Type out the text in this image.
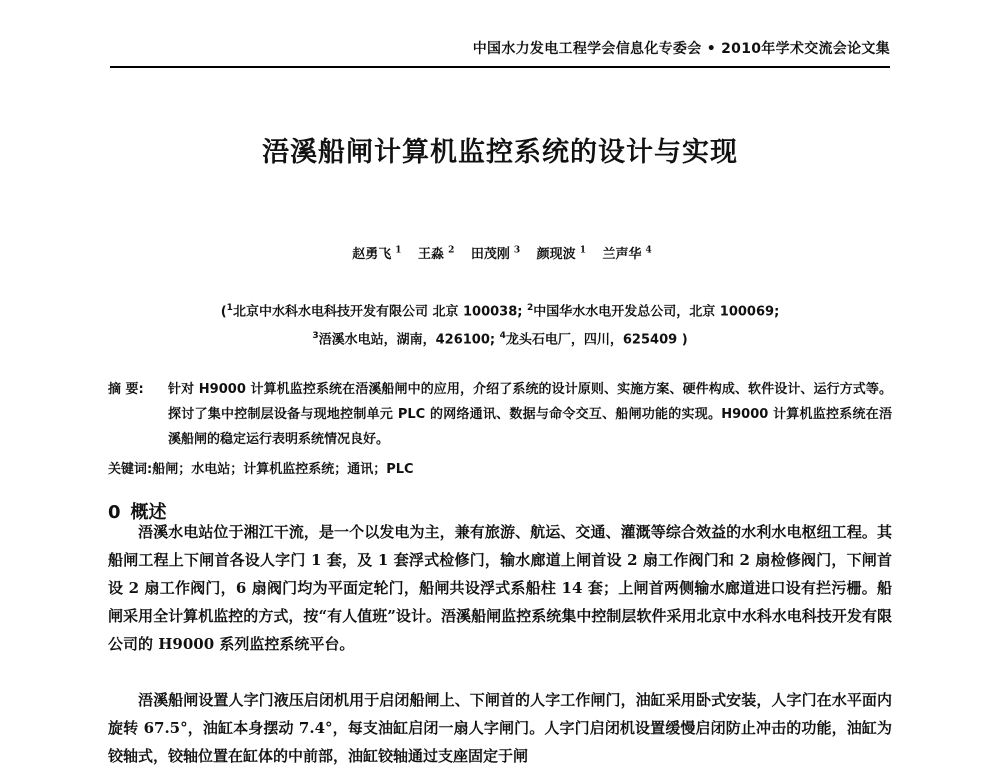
中国水力发电工程学会信息化专委会 • 2010年学术交流会论文集
浯溪船闸计算机监控系统的设计与实现
赵勇飞 $^1$ 王淼 $^2$ 田茂刚 $^3$ 颜现波 $^1$ 兰声华 $^4$
($^1$北京中水科水电科技开发有限公司 北京 100038; $^2$中国华水水电开发总公司，北京 100069;
$^3$浯溪水电站，湖南，426100; $^4$龙头石电厂，四川，625409 )
摘 要:	针对 H9000 计算机监控系统在浯溪船闸中的应用，介绍了系统的设计原则、实施方案、硬件构成、软件设计、运行方式等。探讨了集中控制层设备与现地控制单元 PLC 的网络通讯、数据与命令交互、船闸功能的实现。H9000 计算机监控系统在浯溪船闸的稳定运行表明系统情况良好。
关键词:船闸；水电站；计算机监控系统；通讯；PLC
0 概述
浯溪水电站位于湘江干流，是一个以发电为主，兼有旅游、航运、交通、灌溉等综合效益的水利水电枢纽工程。其船闸工程上下闸首各设人字门 1 套，及 1 套浮式检修门，输水廊道上闸首设 2 扇工作阀门和 2 扇检修阀门，下闸首设 2 扇工作阀门，6 扇阀门均为平面定轮门，船闸共设浮式系船柱 14 套；上闸首两侧输水廊道进口设有拦污栅。船闸采用全计算机监控的方式，按“有人值班”设计。浯溪船闸监控系统集中控制层软件采用北京中水科水电科技开发有限公司的 H9000 系列监控系统平台。
浯溪船闸设置人字门液压启闭机用于启闭船闸上、下闸首的人字工作闸门，油缸采用卧式安装，人字门在水平面内旋转 67.5°，油缸本身摆动 7.4°，每支油缸启闭一扇人字闸门。人字门启闭机设置缓慢启闭防止冲击的功能，油缸为铰轴式，铰轴位置在缸体的中前部，油缸铰轴通过支座固定于闸
